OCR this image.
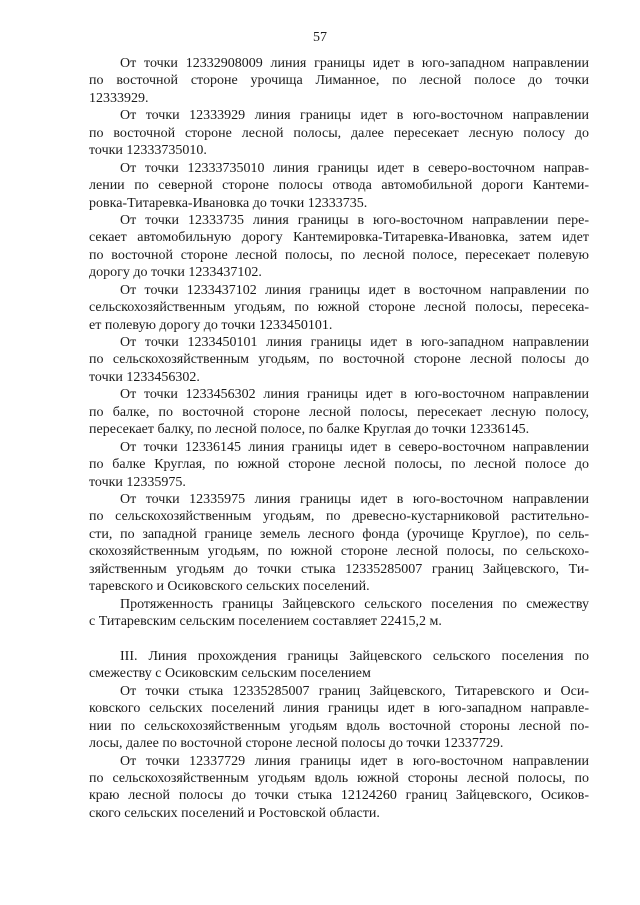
57
От точки 12332908009 линия границы идет в юго-западном направлении
по восточной стороне урочища Лиманное, по лесной полосе до точки
12333929.
От точки 12333929 линия границы идет в юго-восточном направлении
по восточной стороне лесной полосы, далее пересекает лесную полосу до
точки 12333735010.
От точки 12333735010 линия границы идет в северо-восточном направ-
лении по северной стороне полосы отвода автомобильной дороги Кантеми-
ровка-Титаревка-Ивановка до точки 12333735.
От точки 12333735 линия границы в юго-восточном направлении пере-
секает автомобильную дорогу Кантемировка-Титаревка-Ивановка, затем идет
по восточной стороне лесной полосы, по лесной полосе, пересекает полевую
дорогу до точки 1233437102.
От точки 1233437102 линия границы идет в восточном направлении по
сельскохозяйственным угодьям, по южной стороне лесной полосы, пересека-
ет полевую дорогу до точки 1233450101.
От точки 1233450101 линия границы идет в юго-западном направлении
по сельскохозяйственным угодьям, по восточной стороне лесной полосы до
точки 1233456302.
От точки 1233456302 линия границы идет в юго-восточном направлении
по балке, по восточной стороне лесной полосы, пересекает лесную полосу,
пересекает балку, по лесной полосе, по балке Круглая до точки 12336145.
От точки 12336145 линия границы идет в северо-восточном направлении
по балке Круглая, по южной стороне лесной полосы, по лесной полосе до
точки 12335975.
От точки 12335975 линия границы идет в юго-восточном направлении
по сельскохозяйственным угодьям, по древесно-кустарниковой растительно-
сти, по западной границе земель лесного фонда (урочище Круглое), по сель-
скохозяйственным угодьям, по южной стороне лесной полосы, по сельскохо-
зяйственным угодьям до точки стыка 12335285007 границ Зайцевского, Ти-
таревского и Осиковского сельских поселений.
Протяженность границы Зайцевского сельского поселения по смежеству
с Титаревским сельским поселением составляет 22415,2 м.
III. Линия прохождения границы Зайцевского сельского поселения по
смежеству с Осиковским сельским поселением
От точки стыка 12335285007 границ Зайцевского, Титаревского и Оси-
ковского сельских поселений линия границы идет в юго-западном направле-
нии по сельскохозяйственным угодьям вдоль восточной стороны лесной по-
лосы, далее по восточной стороне лесной полосы до точки 12337729.
От точки 12337729 линия границы идет в юго-восточном направлении
по сельскохозяйственным угодьям вдоль южной стороны лесной полосы, по
краю лесной полосы до точки стыка 12124260 границ Зайцевского, Осиков-
ского сельских поселений и Ростовской области.
